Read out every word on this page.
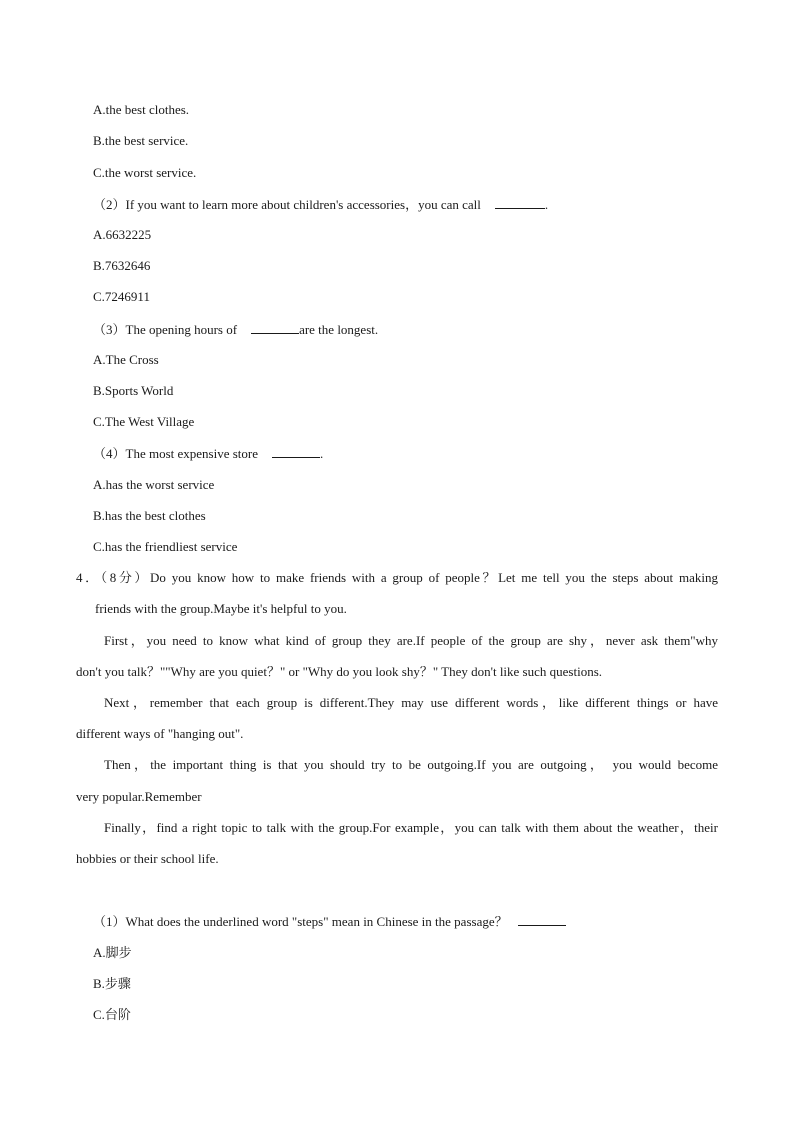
A.the best clothes.
B.the best service.
C.the worst service.
（2）If you want to learn more about children's accessories，you can call	.
A.6632225
B.7632646
C.7246911
（3）The opening hours of	are the longest.
A.The Cross
B.Sports World
C.The West Village
（4）The most expensive store	.
A.has the worst service
B.has the best clothes
C.has the friendliest service
4．（8分）Do you know how to make friends with a group of people？Let me tell you the steps about making
friends with the group.Maybe it's helpful to you.
First，you need to know what kind of group they are.If people of the group are shy，never ask them"why
don't you talk？""Why are you quiet？" or "Why do you look shy？" They don't like such questions.
Next，remember that each group is different.They may use different words，like different things or have
different ways of "hanging out".
Then，the important thing is that you should try to be outgoing.If you are outgoing， you would become
very popular.Remember
Finally，find a right topic to talk with the group.For example，you can talk with them about the weather，their
hobbies or their school life.
（1）What does the underlined word "steps" mean in Chinese in the passage？
A.脚步
B.步骤
C.台阶
